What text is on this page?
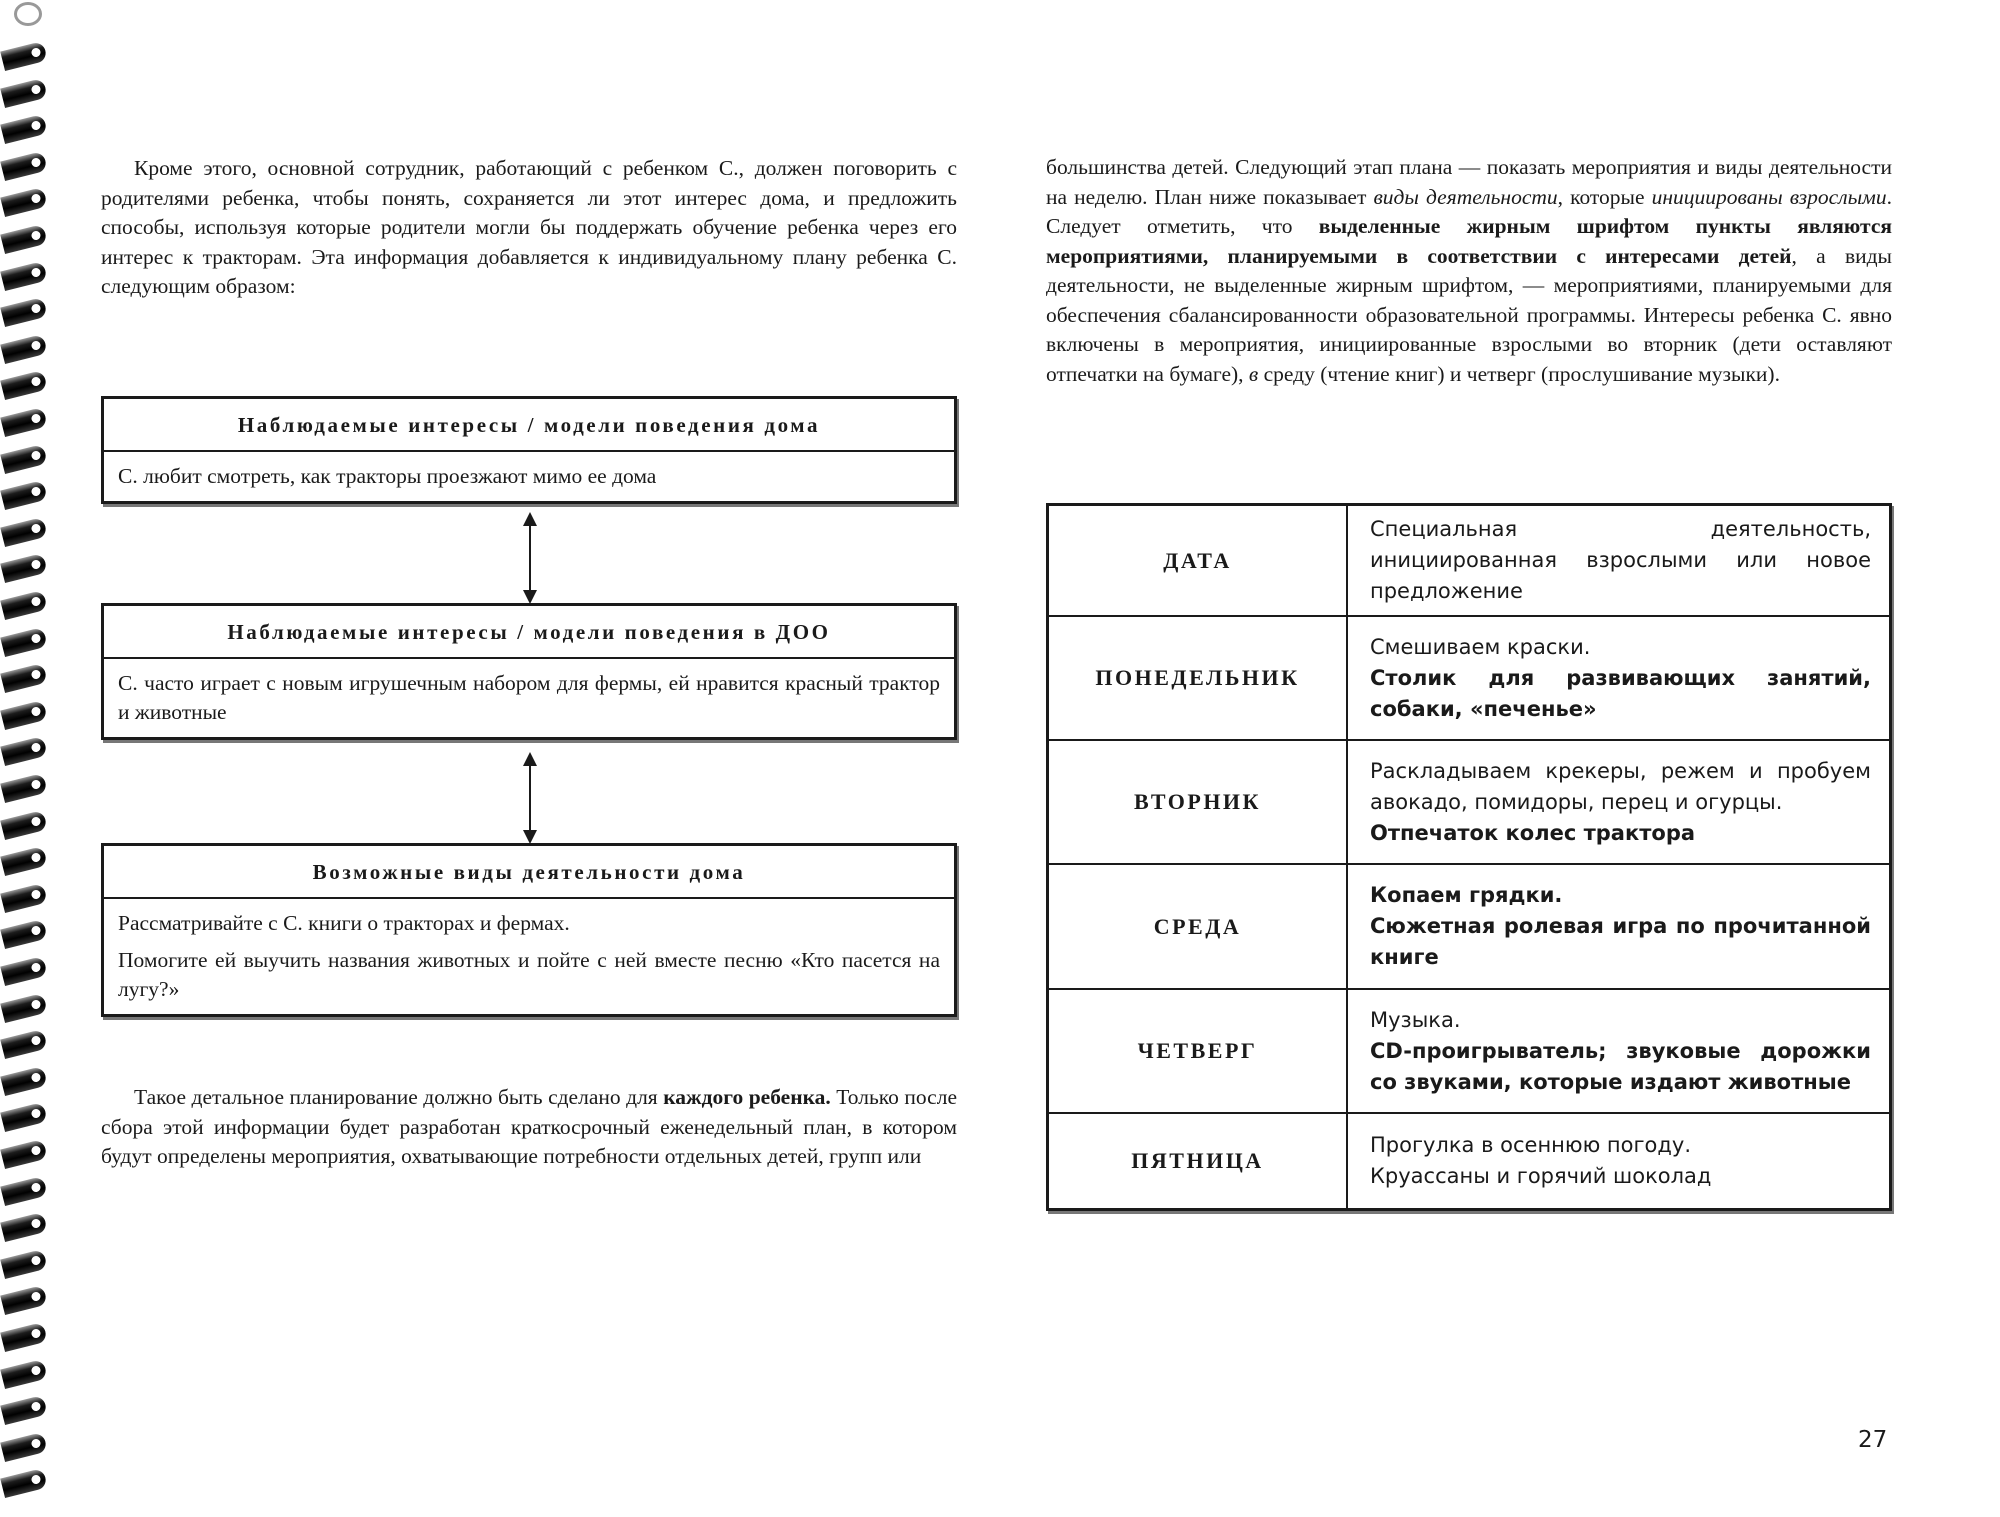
Кроме этого, основной сотрудник, работающий с ребенком С., должен поговорить с родителями ребенка, чтобы понять, сохраняется ли этот интерес дома, и предложить способы, используя которые родители могли бы поддержать обучение ребенка через его интерес к тракторам. Эта информация добавляется к индивидуальному плану ребенка С. следующим образом:

Наблюдаемые интересы / модели поведения дома
С. любит смотреть, как тракторы проезжают мимо ее дома
Наблюдаемые интересы / модели поведения в ДОО
С. часто играет с новым игрушечным набором для фермы, ей нравится красный трактор и животные
Возможные виды деятельности дома
Рассматривайте с С. книги о тракторах и фермах.
Помогите ей выучить названия животных и пойте с ней вместе песню «Кто пасется на лугу?»

Такое детальное планирование должно быть сделано для каждого ребенка. Только после сбора этой информации будет разработан краткосрочный еженедельный план, в котором будут определены мероприятия, охватывающие потребности отдельных детей, групп или

большинства детей. Следующий этап плана — показать мероприятия и виды деятельности на неделю. План ниже показывает виды деятельности, которые инициированы взрослыми. Следует отметить, что выделенные жирным шрифтом пункты являются мероприятиями, планируемыми в соответствии с интересами детей, а виды деятельности, не выделенные жирным шрифтом, — мероприятиями, планируемыми для обеспечения сбалансированности образовательной программы. Интересы ребенка С. явно включены в мероприятия, инициированные взрослыми во вторник (дети оставляют отпечатки на бумаге), в среду (чтение книг) и четверг (прослушивание музыки).

ДАТА	Специальная деятельность, инициированная взрослыми или новое предложение

ПОНЕДЕЛЬНИК	Смешиваем краски.
Столик для развивающих занятий, собаки, «печенье»

ВТОРНИК	Раскладываем крекеры, режем и пробуем авокадо, помидоры, перец и огурцы.
Отпечаток колес трактора

СРЕДА	Копаем грядки.
Сюжетная ролевая игра по прочитанной книге

ЧЕТВЕРГ	Музыка.
CD-проигрыватель; звуковые дорожки со звуками, которые издают животные

ПЯТНИЦА	Прогулка в осеннюю погоду.
Круассаны и горячий шоколад
27
